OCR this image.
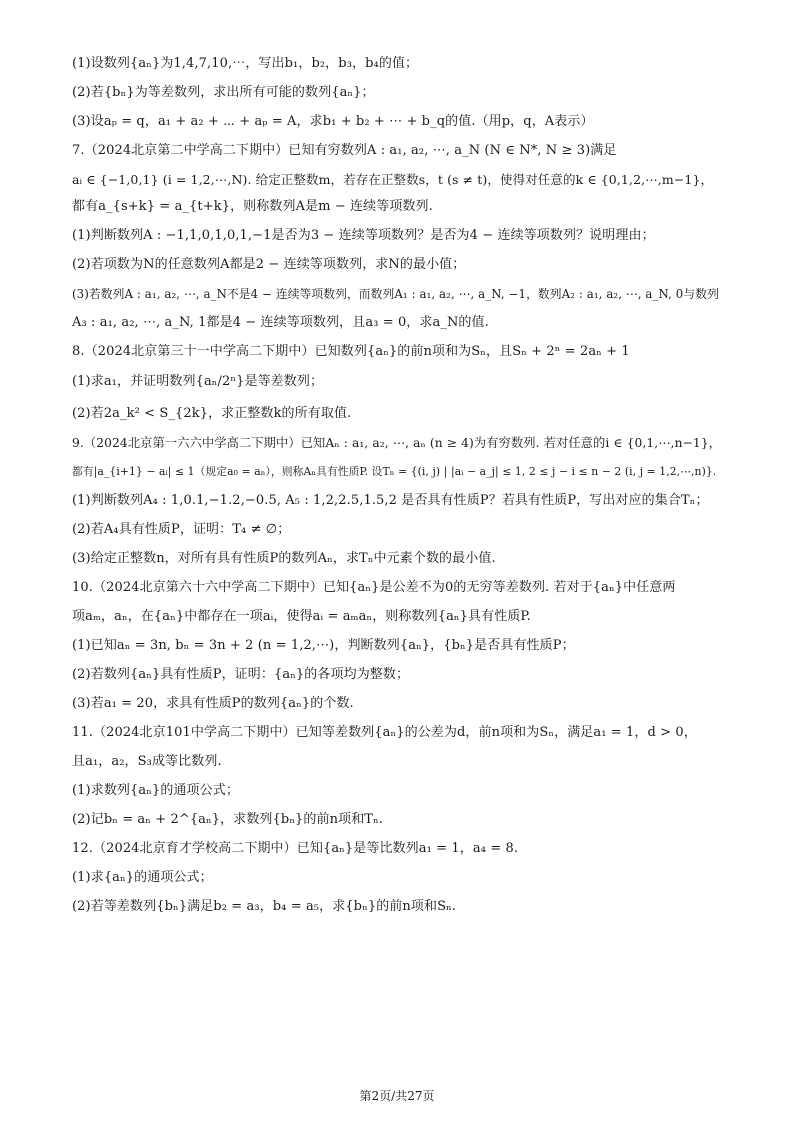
(1)设数列{aₙ}为1,4,7,10,⋯，写出b₁，b₂，b₃，b₄的值；
(2)若{bₙ}为等差数列，求出所有可能的数列{aₙ}；
(3)设aₚ = q，a₁ + a₂ + ⋯ + aₚ = A，求b₁ + b₂ + ⋯ + b_q的值.（用p，q，A表示）
7.（2024北京第二中学高二下期中）已知有穷数列A : a₁, a₂, ⋯, a_N (N ∈ N*, N ≥ 3)满足
aᵢ ∈ {−1,0,1} (i = 1,2,⋯,N). 给定正整数m，若存在正整数s，t (s ≠ t)，使得对任意的k ∈ {0,1,2,⋯,m−1}，
都有a_{s+k} = a_{t+k}，则称数列A是m − 连续等项数列.
(1)判断数列A : −1,1,0,1,0,1,−1是否为3 − 连续等项数列？是否为4 − 连续等项数列？说明理由；
(2)若项数为N的任意数列A都是2 − 连续等项数列，求N的最小值；
(3)若数列A : a₁, a₂, ⋯, a_N不是4 − 连续等项数列，而数列A₁ : a₁, a₂, ⋯, a_N, −1，数列A₂ : a₁, a₂, ⋯, a_N, 0与数列
A₃ : a₁, a₂, ⋯, a_N, 1都是4 − 连续等项数列，且a₃ = 0，求a_N的值.
8.（2024北京第三十一中学高二下期中）已知数列{aₙ}的前n项和为Sₙ，且Sₙ + 2ⁿ = 2aₙ + 1
(1)求a₁，并证明数列{aₙ/2ⁿ}是等差数列；
(2)若2a_k² < S_{2k}，求正整数k的所有取值.
9.（2024北京第一六六中学高二下期中）已知Aₙ : a₁, a₂, ⋯, aₙ (n ≥ 4)为有穷数列. 若对任意的i ∈ {0,1,⋯,n−1}，
都有|a_{i+1} − aᵢ| ≤ 1（规定a₀ = aₙ），则称Aₙ具有性质P. 设Tₙ = {(i, j) | |aᵢ − a_j| ≤ 1, 2 ≤ j − i ≤ n − 2 (i, j = 1,2,⋯,n)}.
(1)判断数列A₄ : 1,0.1,−1.2,−0.5, A₅ : 1,2,2.5,1.5,2 是否具有性质P？若具有性质P，写出对应的集合Tₙ；
(2)若A₄具有性质P，证明：T₄ ≠ ∅；
(3)给定正整数n，对所有具有性质P的数列Aₙ，求Tₙ中元素个数的最小值.
10.（2024北京第六十六中学高二下期中）已知{aₙ}是公差不为0的无穷等差数列. 若对于{aₙ}中任意两
项aₘ，aₙ，在{aₙ}中都存在一项aᵢ，使得aᵢ = aₘaₙ，则称数列{aₙ}具有性质P.
(1)已知aₙ = 3n, bₙ = 3n + 2 (n = 1,2,⋯)，判断数列{aₙ}，{bₙ}是否具有性质P；
(2)若数列{aₙ}具有性质P，证明：{aₙ}的各项均为整数；
(3)若a₁ = 20，求具有性质P的数列{aₙ}的个数.
11.（2024北京101中学高二下期中）已知等差数列{aₙ}的公差为d，前n项和为Sₙ，满足a₁ = 1，d > 0，
且a₁，a₂，S₃成等比数列.
(1)求数列{aₙ}的通项公式；
(2)记bₙ = aₙ + 2^{aₙ}，求数列{bₙ}的前n项和Tₙ.
12.（2024北京育才学校高二下期中）已知{aₙ}是等比数列a₁ = 1，a₄ = 8.
(1)求{aₙ}的通项公式；
(2)若等差数列{bₙ}满足b₂ = a₃，b₄ = a₅，求{bₙ}的前n项和Sₙ.
第2页/共27页
